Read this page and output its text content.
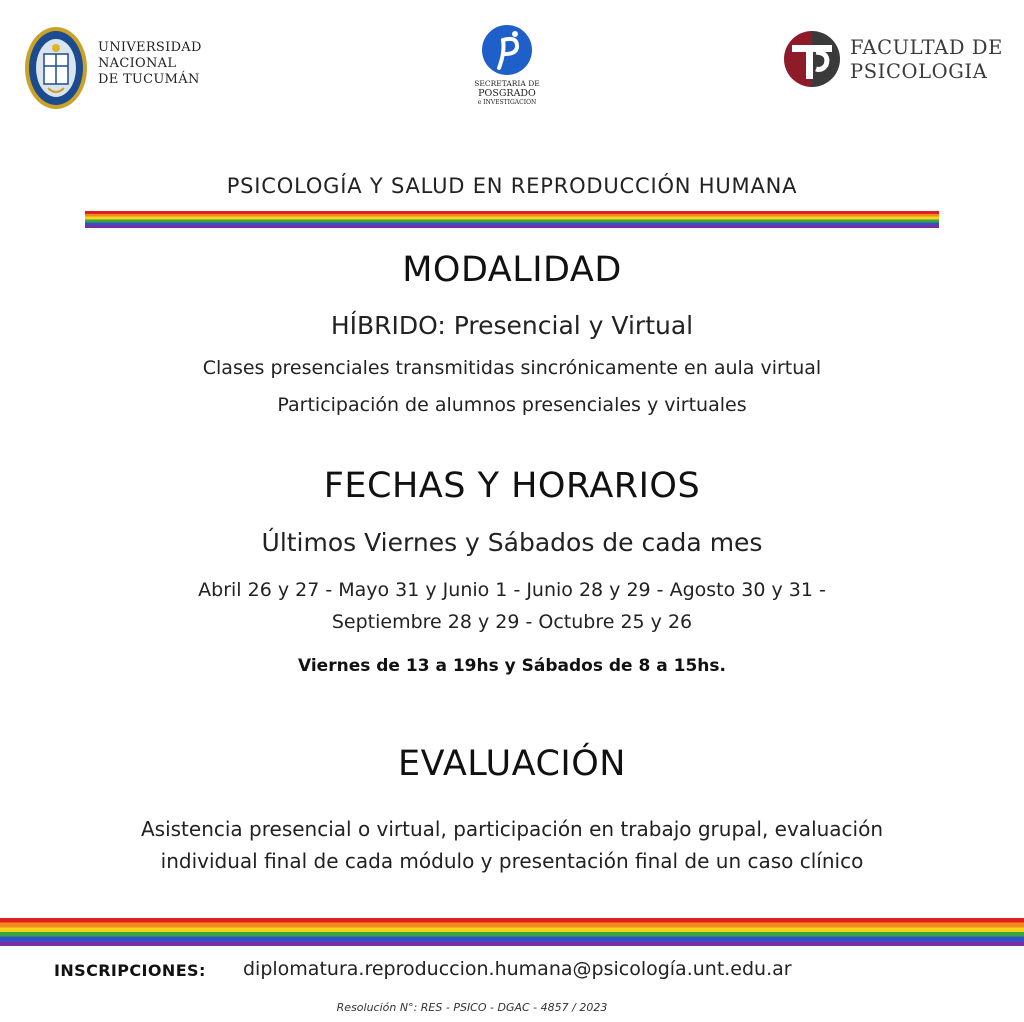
UNIVERSIDAD
NACIONAL
DE TUCUMÁN	SECRETARIA DE
POSGRADO
e INVESTIGACION
FACULTAD DE
PSICOLOGIA
PSICOLOGÍA Y SALUD EN REPRODUCCIÓN HUMANA
MODALIDAD
HÍBRIDO: Presencial y Virtual
Clases presenciales transmitidas sincrónicamente en aula virtual
Participación de alumnos presenciales y virtuales
FECHAS Y HORARIOS
Últimos Viernes y Sábados de cada mes
Abril 26 y 27 - Mayo 31 y Junio 1 - Junio 28 y 29 - Agosto 30 y 31 -
Septiembre 28 y 29 - Octubre 25 y 26
Viernes de 13 a 19hs y Sábados de 8 a 15hs.
EVALUACIÓN
Asistencia presencial o virtual, participación en trabajo grupal, evaluación
individual final de cada módulo y presentación final de un caso clínico
INSCRIPCIONES: diplomatura.reproduccion.humana@psicología.unt.edu.ar
Resolución N°: RES - PSICO - DGAC - 4857 / 2023
